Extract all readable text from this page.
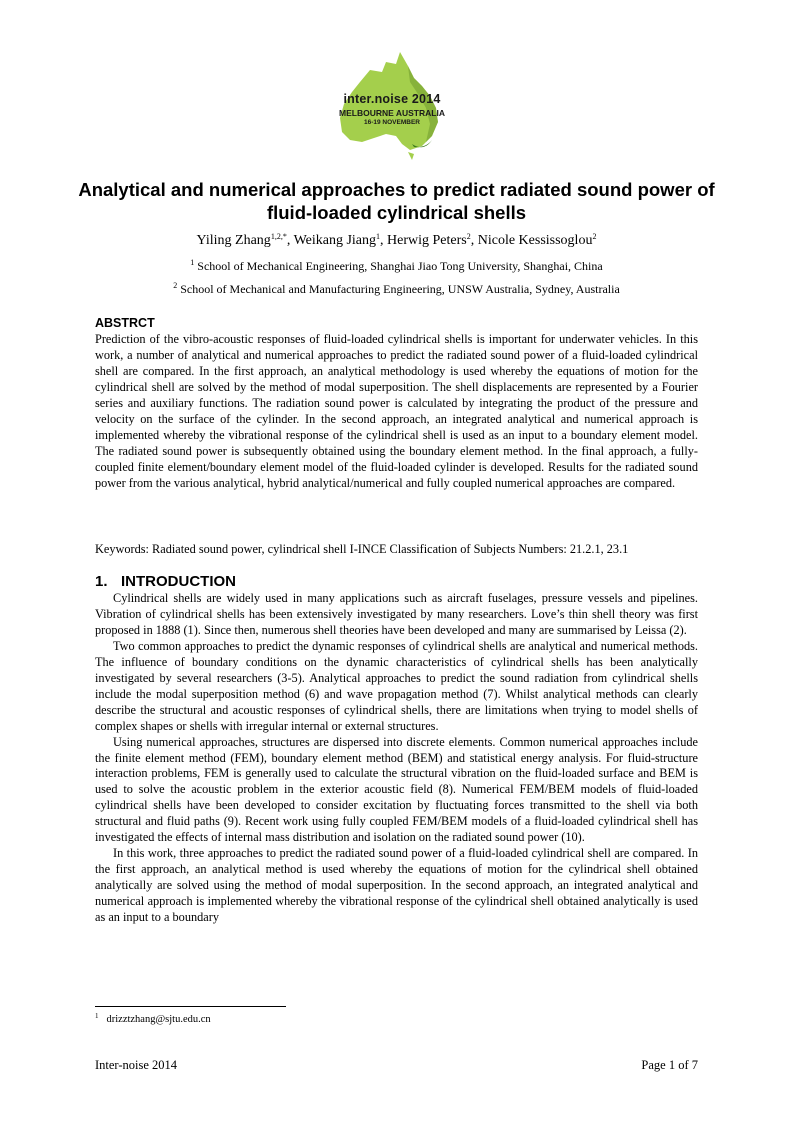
inter.noise 2014
MELBOURNE AUSTRALIA
16-19 NOVEMBER
Analytical and numerical approaches to predict radiated sound power of fluid-loaded cylindrical shells
Yiling Zhang$^{1,2,*}$, Weikang Jiang$^1$, Herwig Peters$^2$, Nicole Kessissoglou$^2$
$^1$ School of Mechanical Engineering, Shanghai Jiao Tong University, Shanghai, China
$^2$ School of Mechanical and Manufacturing Engineering, UNSW Australia, Sydney, Australia
ABSTRCT

Prediction of the vibro-acoustic responses of fluid-loaded cylindrical shells is important for underwater vehicles. In this work, a number of analytical and numerical approaches to predict the radiated sound power of a fluid-loaded cylindrical shell are compared. In the first approach, an analytical methodology is used whereby the equations of motion for the cylindrical shell are solved by the method of modal superposition. The shell displacements are represented by a Fourier series and auxiliary functions. The radiation sound power is calculated by integrating the product of the pressure and velocity on the surface of the cylinder. In the second approach, an integrated analytical and numerical approach is implemented whereby the vibrational response of the cylindrical shell is used as an input to a boundary element model. The radiated sound power is subsequently obtained using the boundary element method. In the final approach, a fully-coupled finite element/boundary element model of the fluid-loaded cylinder is developed. Results for the radiated sound power from the various analytical, hybrid analytical/numerical and fully coupled numerical approaches are compared.

Keywords: Radiated sound power, cylindrical shell I-INCE Classification of Subjects Numbers: 21.2.1, 23.1

1. INTRODUCTION

Cylindrical shells are widely used in many applications such as aircraft fuselages, pressure vessels and pipelines. Vibration of cylindrical shells has been extensively investigated by many researchers. Love’s thin shell theory was first proposed in 1888 (1). Since then, numerous shell theories have been developed and many are summarised by Leissa (2).

Two common approaches to predict the dynamic responses of cylindrical shells are analytical and numerical methods. The influence of boundary conditions on the dynamic characteristics of cylindrical shells has been analytically investigated by several researchers (3-5). Analytical approaches to predict the sound radiation from cylindrical shells include the modal superposition method (6) and wave propagation method (7). Whilst analytical methods can clearly describe the structural and acoustic responses of cylindrical shells, there are limitations when trying to model shells of complex shapes or shells with irregular internal or external structures.

Using numerical approaches, structures are dispersed into discrete elements. Common numerical approaches include the finite element method (FEM), boundary element method (BEM) and statistical energy analysis. For fluid-structure interaction problems, FEM is generally used to calculate the structural vibration on the fluid-loaded surface and BEM is used to solve the acoustic problem in the exterior acoustic field (8). Numerical FEM/BEM models of fluid-loaded cylindrical shells have been developed to consider excitation by fluctuating forces transmitted to the shell via both structural and fluid paths (9). Recent work using fully coupled FEM/BEM models of a fluid-loaded cylindrical shell has investigated the effects of internal mass distribution and isolation on the radiated sound power (10).

In this work, three approaches to predict the radiated sound power of a fluid-loaded cylindrical shell are compared. In the first approach, an analytical method is used whereby the equations of motion for the cylindrical shell obtained analytically are solved using the method of modal superposition. In the second approach, an integrated analytical and numerical approach is implemented whereby the vibrational response of the cylindrical shell obtained analytically is used as an input to a boundary

$^1$ drizztzhang@sjtu.edu.cn
Inter-noise 2014	Page 1 of 7
